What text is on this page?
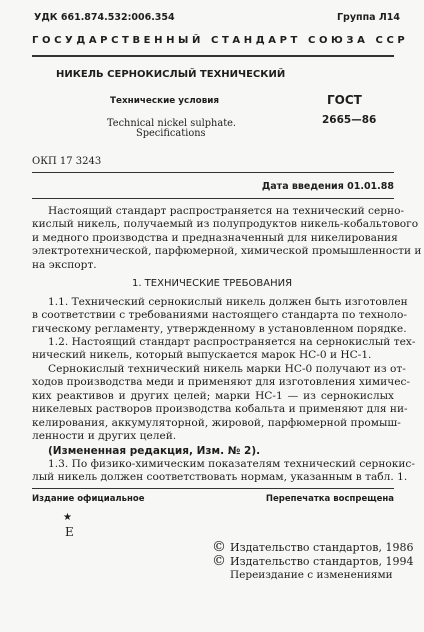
УДК 661.874.532:006.354	Группа Л14
ГОСУДАРСТВЕННЫЙ СТАНДАРТ СОЮЗА ССР
НИКЕЛЬ СЕРНОКИСЛЫЙ ТЕХНИЧЕСКИЙ
Технические условия
Technical nickel sulphate.
Specifications
ГОСТ
2665—86
ОКП 17 3243
Дата введения 01.01.88
Настоящий стандарт распространяется на технический серно-
кислый никель, получаемый из полупродуктов никель-кобальтового
и медного производства и предназначенный для никелирования
электротехнической, парфюмерной, химической промышленности и
на экспорт.
1. ТЕХНИЧЕСКИЕ ТРЕБОВАНИЯ
1.1. Технический сернокислый никель должен быть изготовлен
в соответствии с требованиями настоящего стандарта по техноло-
гическому регламенту, утвержденному в установленном порядке.
1.2. Настоящий стандарт распространяется на сернокислый тех-
нический никель, который выпускается марок НС-0 и НС-1.
Сернокислый технический никель марки НС-0 получают из от-
ходов производства меди и применяют для изготовления химичес-
ких реактивов и других целей; марки НС-1 — из сернокислых
никелевых растворов производства кобальта и применяют для ни-
келирования, аккумуляторной, жировой, парфюмерной промыш-
ленности и других целей.
(Измененная редакция, Изм. № 2).
1.3. По физико-химическим показателям технический сернокис-
лый никель должен соответствовать нормам, указанным в табл. 1.
Издание официальное	Перепечатка воспрещена
★
Е
© Издательство стандартов, 1986
© Издательство стандартов, 1994
Переиздание с изменениями
